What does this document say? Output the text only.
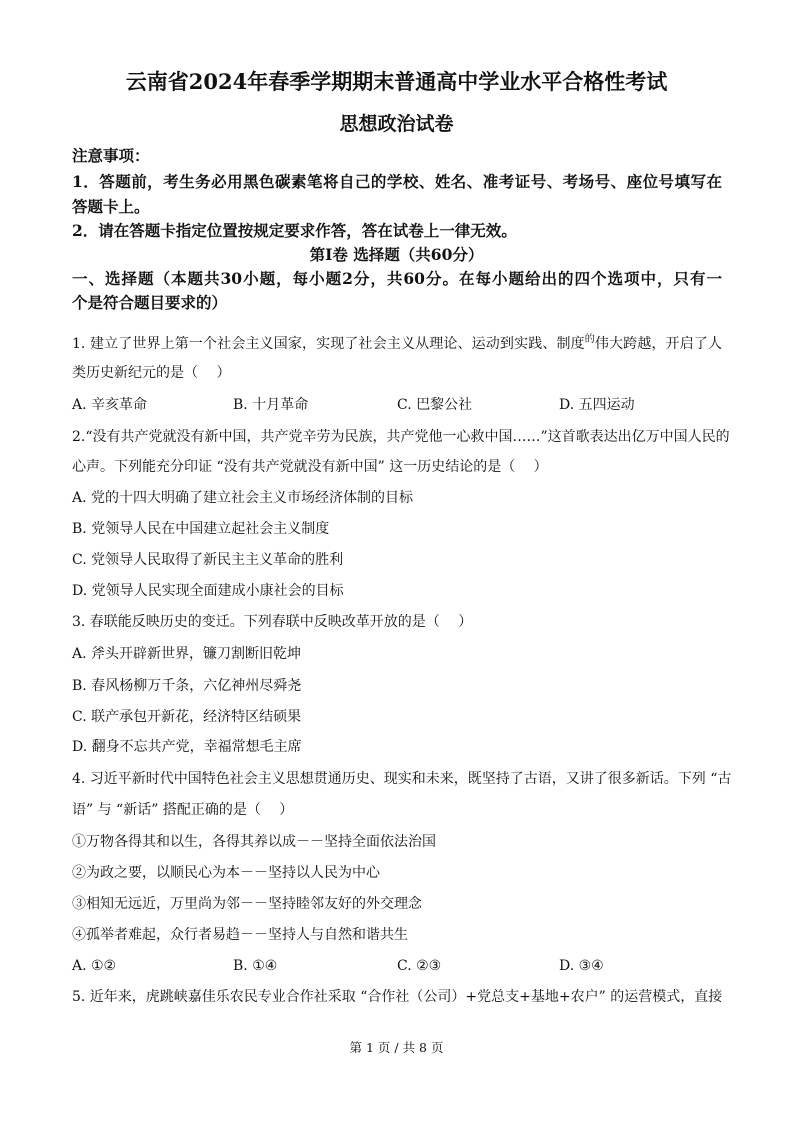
云南省2024年春季学期期末普通高中学业水平合格性考试
思想政治试卷
注意事项：
1．答题前，考生务必用黑色碳素笔将自己的学校、姓名、准考证号、考场号、座位号填写在
答题卡上。
2．请在答题卡指定位置按规定要求作答，答在试卷上一律无效。
第Ⅰ卷 选择题（共60分）
一、选择题（本题共30小题，每小题2分，共60分。在每小题给出的四个选项中，只有一
个是符合题目要求的）
1. 建立了世界上第一个社会主义国家，实现了社会主义从理论、运动到实践、制度$^的$伟大跨越，开启了人
类历史新纪元的是（　 ）
A. 辛亥革命	B. 十月革命	C. 巴黎公社	D. 五四运动
2.“没有共产党就没有新中国，共产党辛劳为民族，共产党他一心救中国……”这首歌表达出亿万中国人民的
心声。下列能充分印证 “没有共产党就没有新中国” 这一历史结论的是（　 ）
A. 党的十四大明确了建立社会主义市场经济体制的目标
B. 党领导人民在中国建立起社会主义制度
C. 党领导人民取得了新民主主义革命的胜利
D. 党领导人民实现全面建成小康社会的目标
3. 春联能反映历史的变迁。下列春联中反映改革开放的是（　 ）
A. 斧头开辟新世界，镰刀割断旧乾坤
B. 春风杨柳万千条，六亿神州尽舜尧
C. 联产承包开新花，经济特区结硕果
D. 翻身不忘共产党，幸福常想毛主席
4. 习近平新时代中国特色社会主义思想贯通历史、现实和未来，既坚持了古语，又讲了很多新话。下列 “古
语” 与 “新话” 搭配正确的是（　 ）
①万物各得其和以生，各得其养以成－－坚持全面依法治国
②为政之要，以顺民心为本－－坚持以人民为中心
③相知无远近，万里尚为邻－－坚持睦邻友好的外交理念
④孤举者难起，众行者易趋－－坚持人与自然和谐共生
A. ①②	B. ①④	C. ②③	D. ③④
5. 近年来，虎跳峡嘉佳乐农民专业合作社采取 “合作社（公司）+党总支+基地+农户” 的运营模式，直接
第 1 页 / 共 8 页
